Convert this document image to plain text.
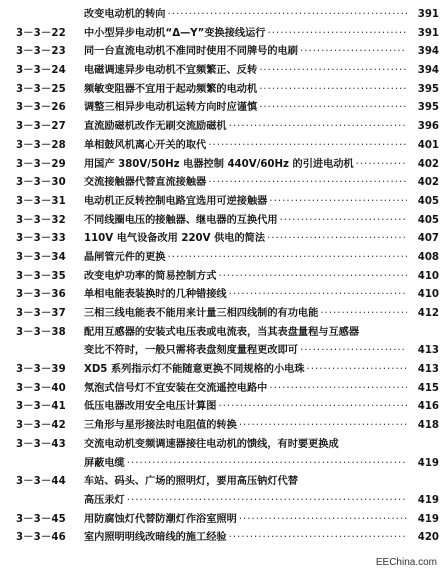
改变电动机的转向 ·····	391
3－3－22	中小型异步电动机“Δ—Y”变换接线运行 ·····	391
3－3－23	同一台直流电动机不准同时使用不同牌号的电刷 ·····	394
3－3－24	电磁调速异步电动机不宜频繁正、反转 ·····	394
3－3－25	频敏变阻器不宜用于起动频繁的电动机 ·····	395
3－3－26	调整三相异步电动机运转方向时应谨慎 ·····	395
3－3－27	直流励磁机改作无刷交流励磁机 ·····	396
3－3－28	单相鼓风机离心开关的取代 ·····	401
3－3－29	用国产 380V/50Hz 电器控制 440V/60Hz 的引进电动机 ·····	402
3－3－30	交流接触器代替直流接触器 ·····	402
3－3－31	电动机正反转控制电路宜选用可逆接触器 ·····	405
3－3－32	不同线圈电压的接触器、继电器的互换代用 ·····	405
3－3－33	110V 电气设备改用 220V 供电的简法 ·····	407
3－3－34	晶闸管元件的更换 ·····	408
3－3－35	改变电炉功率的简易控制方式 ·····	410
3－3－36	单相电能表装换时的几种错接线 ·····	410
3－3－37	三相三线电能表不能用来计量三相四线制的有功电能 ·····	412
3－3－38	配用互感器的安装式电压表或电流表，当其表盘量程与互感器
变比不符时，一般只需将表盘刻度量程更改即可 ·····	413
3－3－39	XD5 系列指示灯不能随意更换不同规格的小电珠 ·····	413
3－3－40	氖泡式信号灯不宜安装在交流遥控电路中 ·····	415
3－3－41	低压电器改用安全电压计算图 ·····	416
3－3－42	三角形与星形接法时电阻值的转换 ·····	418
3－3－43	交流电动机变频调速器接往电动机的馈线，有时要更换成
屏蔽电缆 ·····	419
3－3－44	车站、码头、广场的照明灯，要用高压钠灯代替
高压汞灯 ·····	419
3－3－45	用防腐蚀灯代替防潮灯作浴室照明 ·····	419
3－3－46	室内照明明线改暗线的施工经验 ·····	420
EEChina.com
